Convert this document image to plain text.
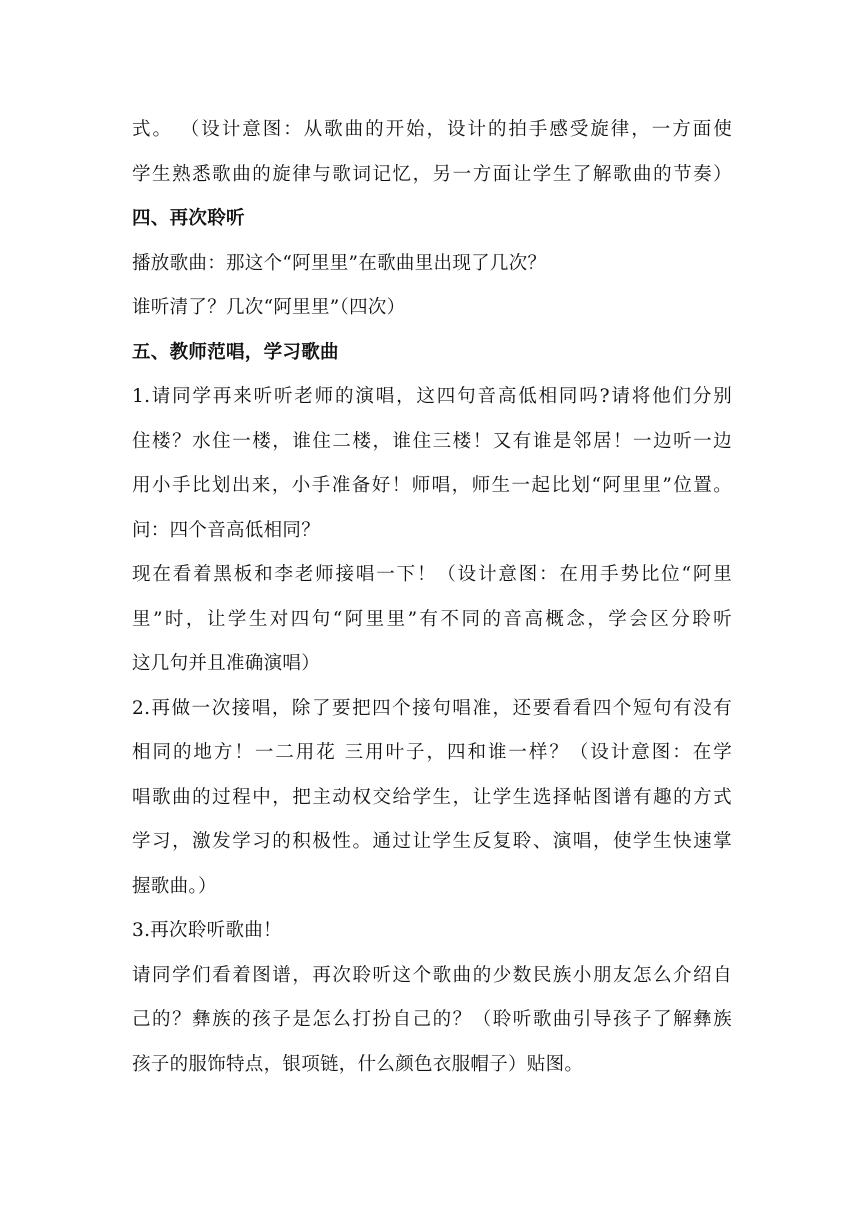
式。 （设计意图：从歌曲的开始，设计的拍手感受旋律，一方面使
学生熟悉歌曲的旋律与歌词记忆，另一方面让学生了解歌曲的节奏）
四、再次聆听
播放歌曲：那这个“阿里里”在歌曲里出现了几次？
谁听清了？几次“阿里里”（四次）
五、教师范唱，学习歌曲
1.请同学再来听听老师的演唱，这四句音高低相同吗?请将他们分别
住楼？水住一楼，谁住二楼，谁住三楼！又有谁是邻居！一边听一边
用小手比划出来，小手准备好！师唱，师生一起比划“阿里里”位置。
问：四个音高低相同？
现在看着黑板和李老师接唱一下！（设计意图：在用手势比位“阿里
里”时，让学生对四句“阿里里”有不同的音高概念，学会区分聆听
这几句并且准确演唱）
2.再做一次接唱，除了要把四个接句唱准，还要看看四个短句有没有
相同的地方！一二用花 三用叶子，四和谁一样？（设计意图：在学
唱歌曲的过程中，把主动权交给学生，让学生选择帖图谱有趣的方式
学习，激发学习的积极性。通过让学生反复聆、演唱，使学生快速掌
握歌曲。）
3.再次聆听歌曲！
请同学们看着图谱，再次聆听这个歌曲的少数民族小朋友怎么介绍自
己的？彝族的孩子是怎么打扮自己的？（聆听歌曲引导孩子了解彝族
孩子的服饰特点，银项链，什么颜色衣服帽子）贴图。
